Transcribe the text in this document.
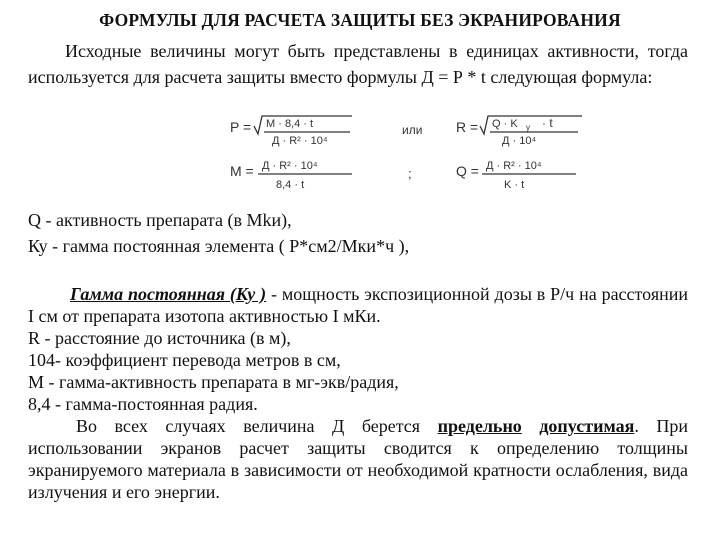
ФОРМУЛЫ ДЛЯ РАСЧЕТА ЗАЩИТЫ БЕЗ ЭКРАНИРОВАНИЯ

Исходные величины могут быть представлены в единицах активности, тогда используется для расчета защиты вместо формулы Д = Р * t следующая формула:

P = M · 8,4 · t
Д · R² · 10⁴
или R = Q · K γ · t
Д · 10⁴
M = Д · R² · 10⁴
8,4 · t
;	Q = Д · R² · 10⁴
K · t

Q - активность препарата (в Мkи),

Ку - гамма постоянная элемента ( Р*см2/Мки*ч ),

Гамма постоянная (Ку ) - мощность экспозиционной дозы в Р/ч на расстоянии I см от препарата изотопа активностью I мКи.

R - расстояние до источника (в м),

104- коэффициент перевода метров в см,

М - гамма-активность препарата в мг-экв/радия,

8,4 - гамма-постоянная радия.

Во всех случаях величина Д берется предельно допустимая. При использовании экранов расчет защиты сводится к определению толщины экранируемого материала в зависимости от необходимой кратности ослабления, вида излучения и его энергии.
